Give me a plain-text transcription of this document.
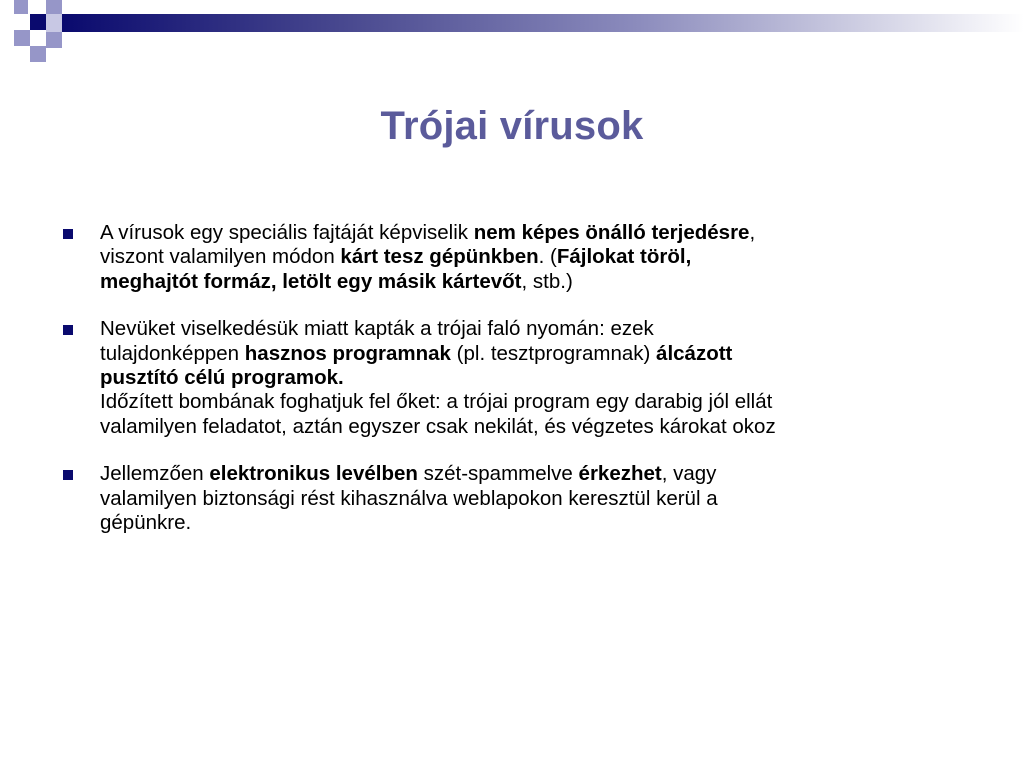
Trójai vírusok
A vírusok egy speciális fajtáját képviselik nem képes önálló terjedésre,
viszont valamilyen módon kárt tesz gépünkben. (Fájlokat töröl,
meghajtót formáz, letölt egy másik kártevőt, stb.)
Nevüket viselkedésük miatt kapták a trójai faló nyomán: ezek
tulajdonképpen hasznos programnak (pl. tesztprogramnak) álcázott
pusztító célú programok.
Időzített bombának foghatjuk fel őket: a trójai program egy darabig jól ellát
valamilyen feladatot, aztán egyszer csak nekilát, és végzetes károkat okoz
Jellemzően elektronikus levélben szét-spammelve érkezhet, vagy
valamilyen biztonsági rést kihasználva weblapokon keresztül kerül a
gépünkre.
